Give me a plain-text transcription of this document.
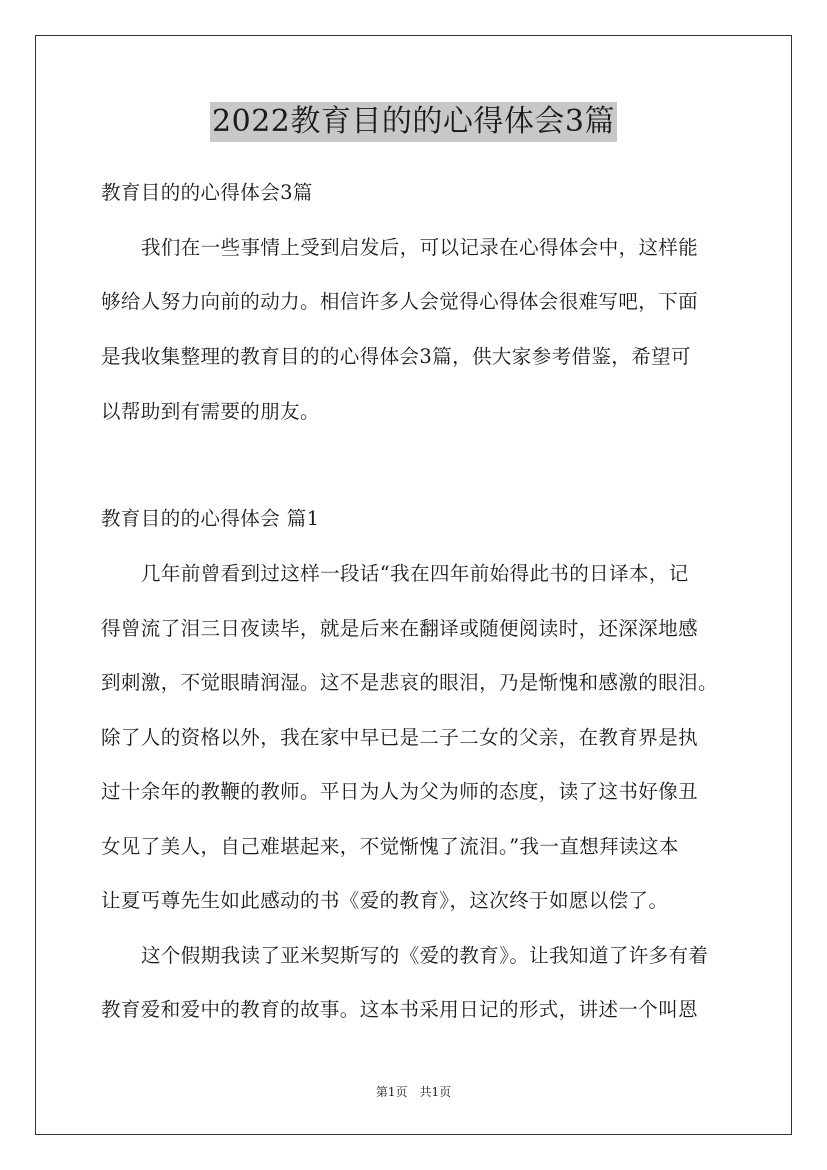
2022教育目的的心得体会3篇
教育目的的心得体会3篇
我们在一些事情上受到启发后，可以记录在心得体会中，这样能
够给人努力向前的动力。相信许多人会觉得心得体会很难写吧，下面
是我收集整理的教育目的的心得体会3篇，供大家参考借鉴，希望可
以帮助到有需要的朋友。
教育目的的心得体会 篇1
几年前曾看到过这样一段话“我在四年前始得此书的日译本，记
得曾流了泪三日夜读毕，就是后来在翻译或随便阅读时，还深深地感
到刺激，不觉眼睛润湿。这不是悲哀的眼泪，乃是惭愧和感激的眼泪。
除了人的资格以外，我在家中早已是二子二女的父亲，在教育界是执
过十余年的教鞭的教师。平日为人为父为师的态度，读了这书好像丑
女见了美人，自己难堪起来，不觉惭愧了流泪。”我一直想拜读这本
让夏丐尊先生如此感动的书《爱的教育》，这次终于如愿以偿了。
这个假期我读了亚米契斯写的《爱的教育》。让我知道了许多有着
教育爱和爱中的教育的故事。这本书采用日记的形式，讲述一个叫恩
第1页 共1页
